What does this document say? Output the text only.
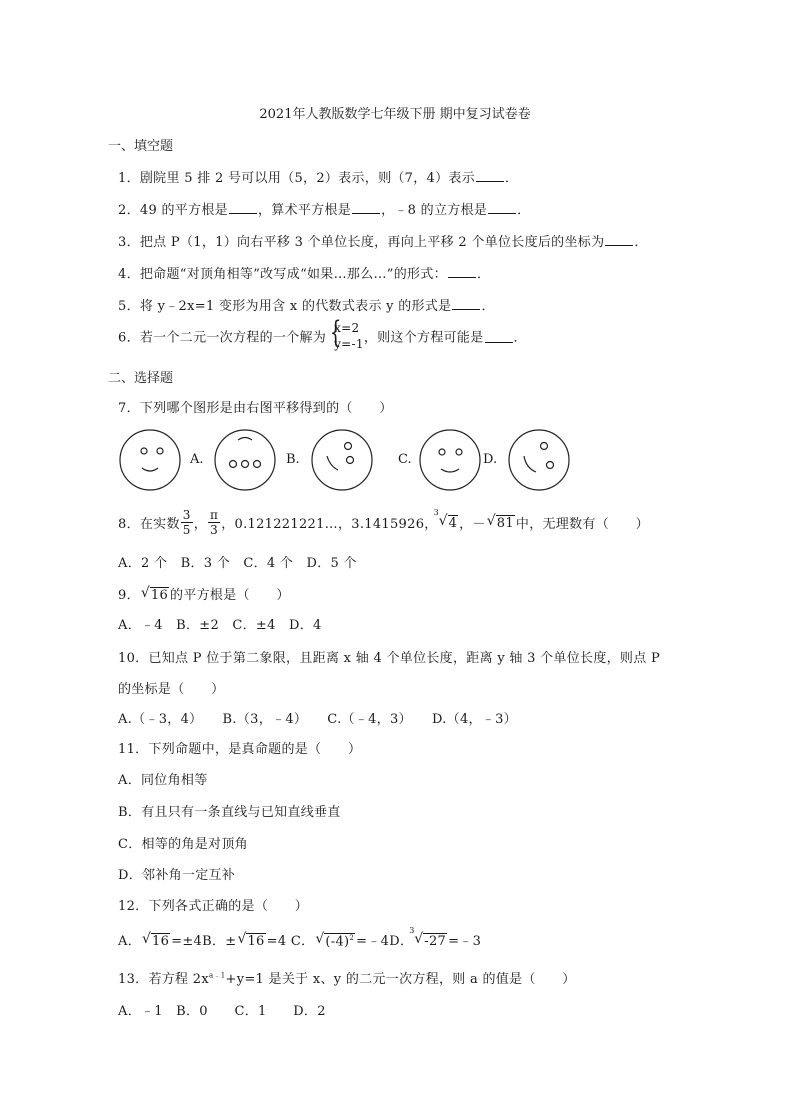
2021年人教版数学七年级下册 期中复习试卷卷
一、填空题
1．剧院里 5 排 2 号可以用（5，2）表示，则（7，4）表示 ．
2．49 的平方根是 ，算术平方根是 ，﹣8 的立方根是 ．
3．把点 P（1，1）向右平移 3 个单位长度，再向上平移 2 个单位长度后的坐标为 ．
4．把命题“对顶角相等”改写成“如果…那么…”的形式： ．
5．将 y﹣2x=1 变形为用含 x 的代数式表示 y 的形式是 ．
6．若一个二元一次方程的一个解为 {
x=2
y=-1 ，则这个方程可能是 ．
二、选择题
7．下列哪个图形是由右图平移得到的（　　）
A.	B.	C.	D.
8．在实数 $\frac{3}{5}$ ， $\frac{\pi}{3}$ ，0.121221221…，3.1415926，
3
√ 4 ，－ √ 81 中，无理数有（　　）
A．2 个　B．3 个　C．4 个　D．5 个
9． √ 16 的平方根是（　　）
A．﹣4　B．±2　C．±4　D．4
10．已知点 P 位于第二象限，且距离 x 轴 4 个单位长度，距离 y 轴 3 个单位长度，则点 P
的坐标是（　　）
A.（﹣3，4）　　B.（3，﹣4）　　C.（﹣4，3）　　D.（4，﹣3）
11．下列命题中，是真命题的是（　　）
A．同位角相等
B．有且只有一条直线与已知直线垂直
C．相等的角是对顶角
D．邻补角一定互补
12．下列各式正确的是（　　）
A． √ 16 =±4B．± √ 16 =4 C． √ $(-4)^2$ =﹣4D．
3
√ -27 =﹣3
13．若方程 $2x^{a﹣1}+y=1$ 是关于 x、y 的二元一次方程，则 a 的值是（　　）
A．﹣1　B．0　　C．1　　D．2
